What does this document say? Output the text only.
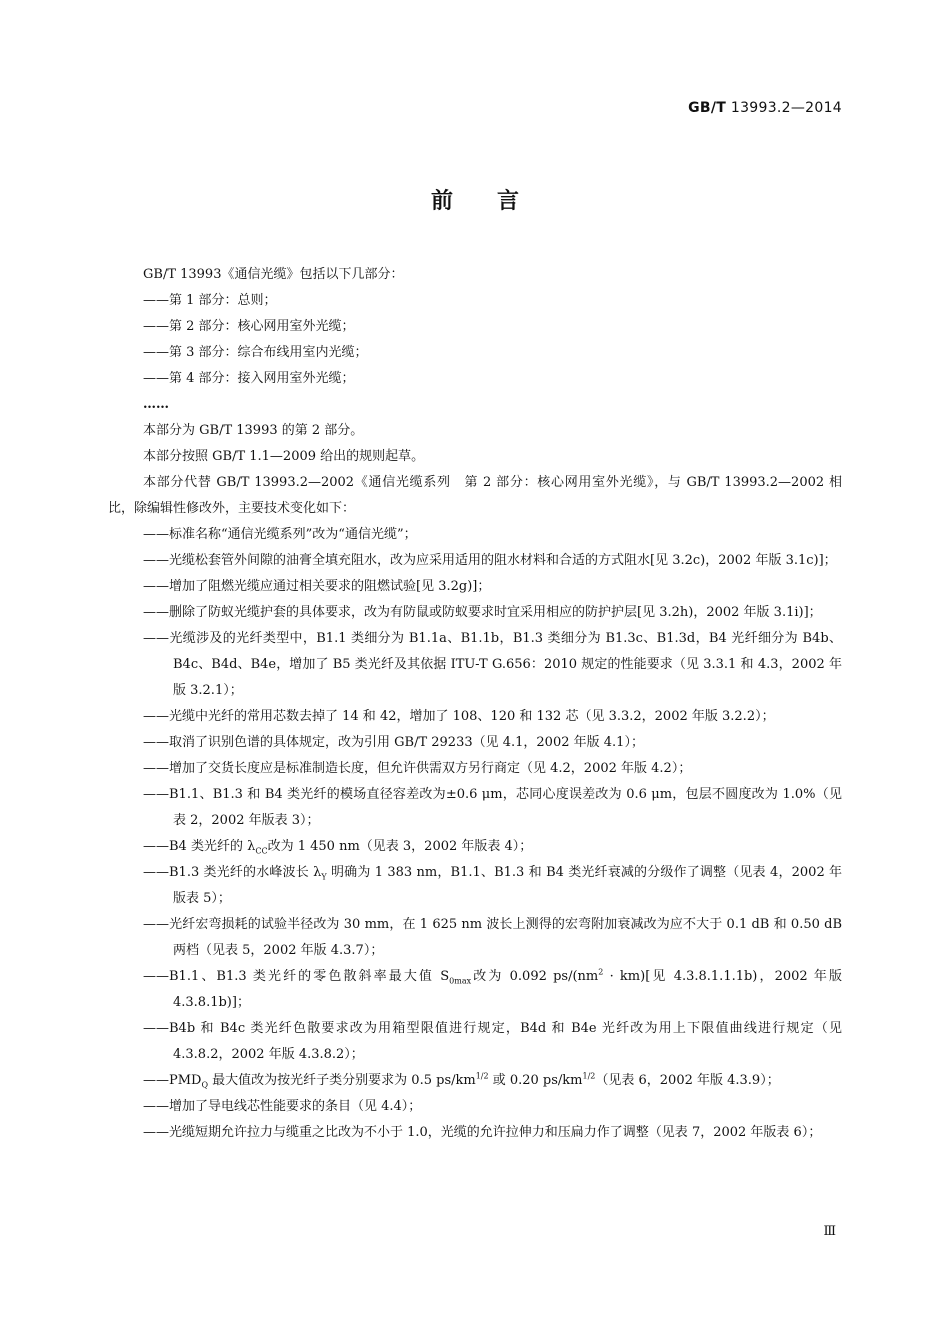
GB/T 13993.2—2014
前言

GB/T 13993《通信光缆》包括以下几部分：

——第 1 部分：总则；

——第 2 部分：核心网用室外光缆；

——第 3 部分：综合布线用室内光缆；

——第 4 部分：接入网用室外光缆；

……

本部分为 GB/T 13993 的第 2 部分。

本部分按照 GB/T 1.1—2009 给出的规则起草。

本部分代替 GB/T 13993.2—2002《通信光缆系列　第 2 部分：核心网用室外光缆》，与 GB/T 13993.2—2002 相比，除编辑性修改外，主要技术变化如下：

——标准名称“通信光缆系列”改为“通信光缆”；

——光缆松套管外间隙的油膏全填充阻水，改为应采用适用的阻水材料和合适的方式阻水[见 3.2c)，2002 年版 3.1c)]；

——增加了阻燃光缆应通过相关要求的阻燃试验[见 3.2g)]；

——删除了防蚁光缆护套的具体要求，改为有防鼠或防蚁要求时宜采用相应的防护护层[见 3.2h)，2002 年版 3.1i)]；

——光缆涉及的光纤类型中，B1.1 类细分为 B1.1a、B1.1b，B1.3 类细分为 B1.3c、B1.3d，B4 光纤细分为 B4b、B4c、B4d、B4e，增加了 B5 类光纤及其依据 ITU-T G.656：2010 规定的性能要求（见 3.3.1 和 4.3，2002 年版 3.2.1）；

——光缆中光纤的常用芯数去掉了 14 和 42，增加了 108、120 和 132 芯（见 3.3.2，2002 年版 3.2.2）；

——取消了识别色谱的具体规定，改为引用 GB/T 29233（见 4.1，2002 年版 4.1）；

——增加了交货长度应是标准制造长度，但允许供需双方另行商定（见 4.2，2002 年版 4.2）；

——B1.1、B1.3 和 B4 类光纤的模场直径容差改为±0.6 μm，芯同心度误差改为 0.6 μm，包层不圆度改为 1.0%（见表 2，2002 年版表 3）；

——B4 类光纤的 $\lambda_{CC}$改为 1 450 nm（见表 3，2002 年版表 4）；

——B1.3 类光纤的水峰波长 $\lambda_Y$ 明确为 1 383 nm，B1.1、B1.3 和 B4 类光纤衰减的分级作了调整（见表 4，2002 年版表 5）；

——光纤宏弯损耗的试验半径改为 30 mm，在 1 625 nm 波长上测得的宏弯附加衰减改为应不大于 0.1 dB 和 0.50 dB 两档（见表 5，2002 年版 4.3.7）；

——B1.1、B1.3 类光纤的零色散斜率最大值 $S_{0max}$改为 0.092 $ps/(nm^2 \cdot km)$[见 4.3.8.1.1.1b)，2002 年版 4.3.8.1b)]；

——B4b 和 B4c 类光纤色散要求改为用箱型限值进行规定，B4d 和 B4e 光纤改为用上下限值曲线进行规定（见 4.3.8.2，2002 年版 4.3.8.2）；

$——PMD_Q$ 最大值改为按光纤子类分别要求为 0.5 $ps/km^{1/2}$ 或 0.20 $ps/km^{1/2}$（见表 6，2002 年版 4.3.9）；

——增加了导电线芯性能要求的条目（见 4.4）；

——光缆短期允许拉力与缆重之比改为不小于 1.0，光缆的允许拉伸力和压扁力作了调整（见表 7，2002 年版表 6）；

Ⅲ
